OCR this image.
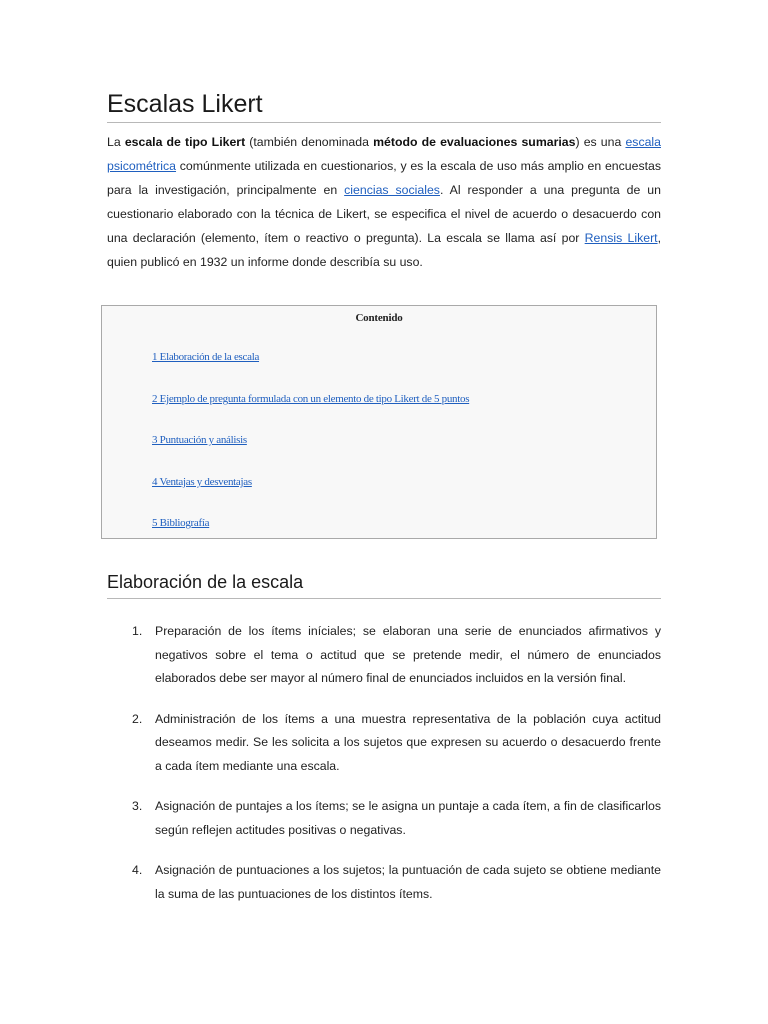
Escalas Likert

La escala de tipo Likert (también denominada método de evaluaciones sumarias) es una escala psicométrica comúnmente utilizada en cuestionarios, y es la escala de uso más amplio en encuestas para la investigación, principalmente en ciencias sociales. Al responder a una pregunta de un cuestionario elaborado con la técnica de Likert, se especifica el nivel de acuerdo o desacuerdo con una declaración (elemento, ítem o reactivo o pregunta). La escala se llama así por Rensis Likert, quien publicó en 1932 un informe donde describía su uso.

Contenido
1 Elaboración de la escala
2 Ejemplo de pregunta formulada con un elemento de tipo Likert de 5 puntos
3 Puntuación y análisis
4 Ventajas y desventajas
5 Bibliografía
Elaboración de la escala
1. Preparación de los ítems iníciales; se elaboran una serie de enunciados afirmativos y negativos sobre el tema o actitud que se pretende medir, el número de enunciados elaborados debe ser mayor al número final de enunciados incluidos en la versión final.
2. Administración de los ítems a una muestra representativa de la población cuya actitud deseamos medir. Se les solicita a los sujetos que expresen su acuerdo o desacuerdo frente a cada ítem mediante una escala.
3. Asignación de puntajes a los ítems; se le asigna un puntaje a cada ítem, a fin de clasificarlos según reflejen actitudes positivas o negativas.
4. Asignación de puntuaciones a los sujetos; la puntuación de cada sujeto se obtiene mediante la suma de las puntuaciones de los distintos ítems.
